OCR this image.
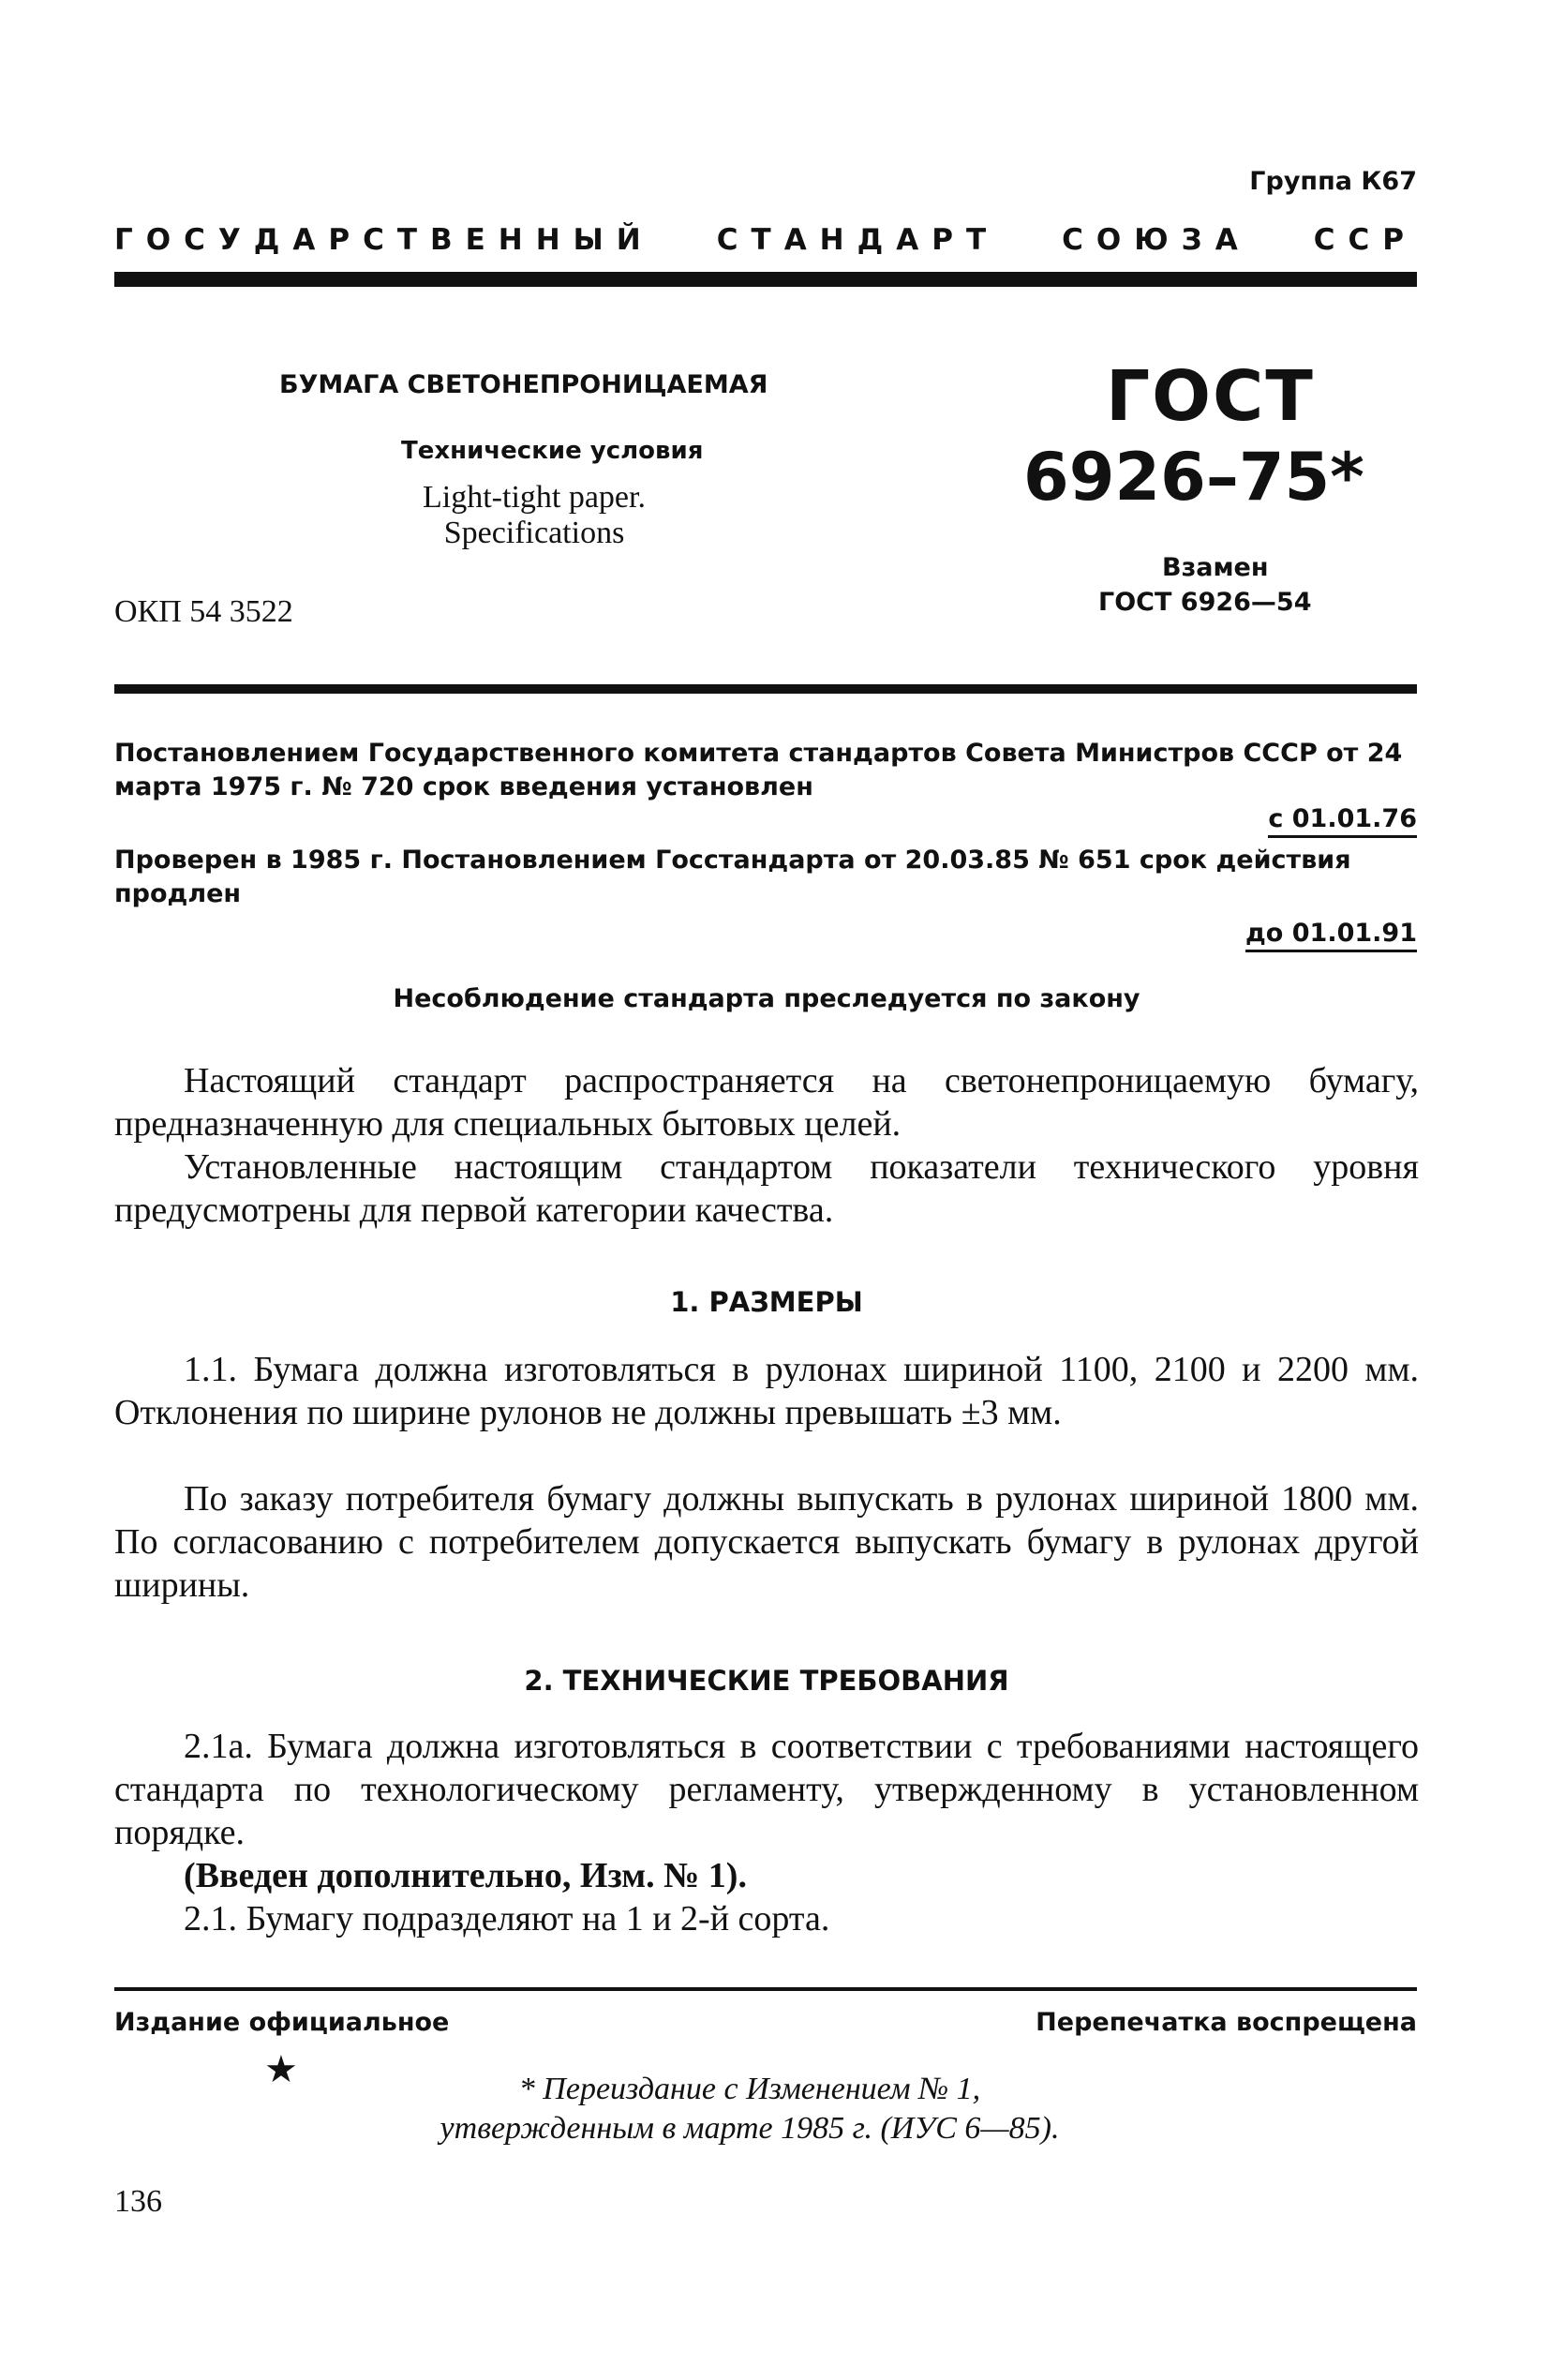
Группа К67
ГОСУДАРСТВЕННЫЙ СТАНДАРТ СОЮЗА ССР
БУМАГА СВЕТОНЕПРОНИЦАЕМАЯ
Технические условия
Light-tight paper.
Specifications
ОКП 54 3522
ГОСТ
6926–75*
Взамен
ГОСТ 6926—54
Постановлением Государственного комитета стандартов Совета Министров СССР от 24 марта 1975 г. № 720 срок введения установлен
с 01.01.76
Проверен в 1985 г. Постановлением Госстандарта от 20.03.85 № 651 срок действия продлен
до 01.01.91
Несоблюдение стандарта преследуется по закону
Настоящий стандарт распространяется на светонепроницаемую бумагу, предназначенную для специальных бытовых целей.
Установленные настоящим стандартом показатели технического уровня предусмотрены для первой категории качества.
1. РАЗМЕРЫ
1.1. Бумага должна изготовляться в рулонах шириной 1100, 2100 и 2200 мм. Отклонения по ширине рулонов не должны превышать ±3 мм.
По заказу потребителя бумагу должны выпускать в рулонах шириной 1800 мм. По согласованию с потребителем допускается выпускать бумагу в рулонах другой ширины.
2. ТЕХНИЧЕСКИЕ ТРЕБОВАНИЯ
2.1а. Бумага должна изготовляться в соответствии с требованиями настоящего стандарта по технологическому регламенту, утвержденному в установленном порядке.
(Введен дополнительно, Изм. № 1).
2.1. Бумагу подразделяют на 1 и 2-й сорта.
Издание официальное	Перепечатка воспрещена
★	* Переиздание с Изменением № 1,
утвержденным в марте 1985 г. (ИУС 6—85).
136
